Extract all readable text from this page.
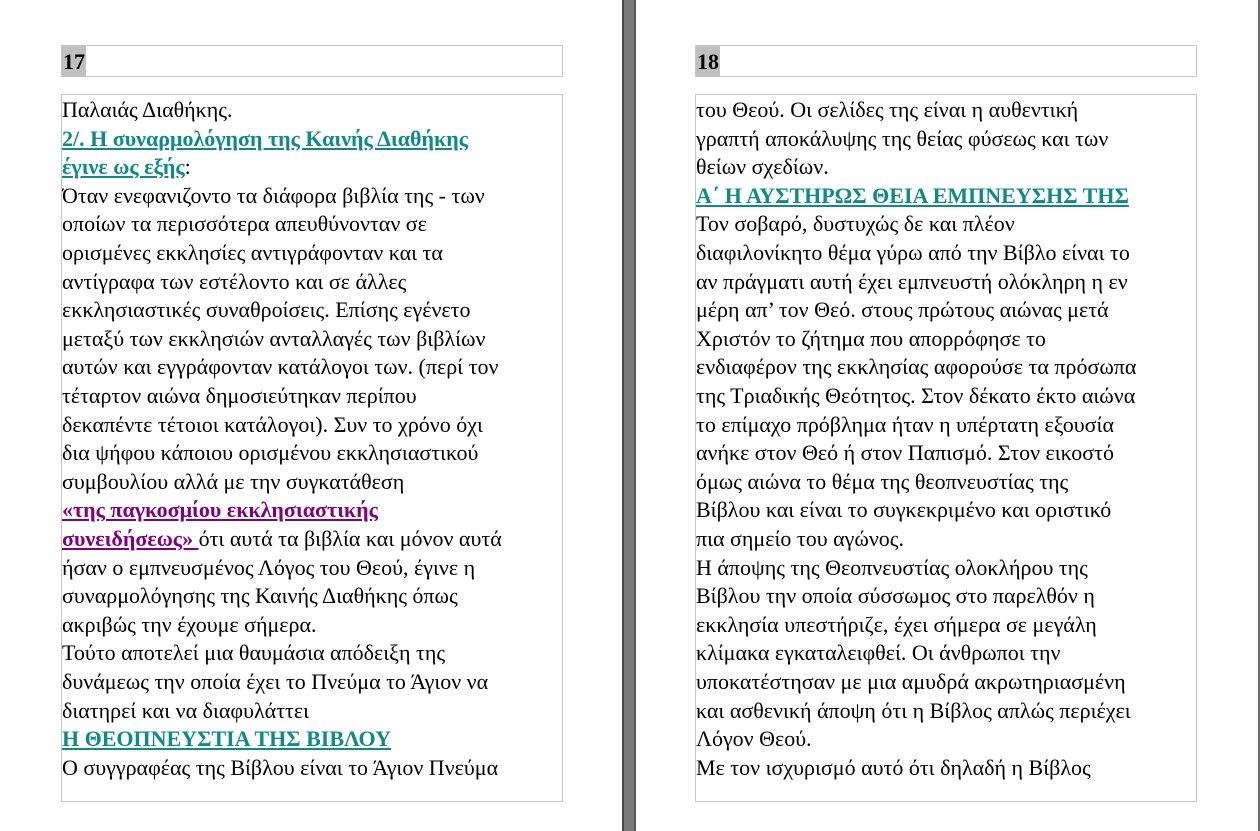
17
Παλαιάς Διαθήκης.
2/. Η συναρμολόγηση της Καινής Διαθήκης
έγινε ως εξής:
Όταν ενεφανιζοντο τα διάφορα βιβλία της - των
οποίων τα περισσότερα απευθύνονταν σε
ορισμένες εκκλησίες αντιγράφονταν και τα
αντίγραφα των εστέλοντο και σε άλλες
εκκλησιαστικές συναθροίσεις. Επίσης εγένετο
μεταξύ των εκκλησιών ανταλλαγές των βιβλίων
αυτών και εγγράφονταν κατάλογοι των. (περί τον
τέταρτον αιώνα δημοσιεύτηκαν περίπου
δεκαπέντε τέτοιοι κατάλογοι). Συν το χρόνο όχι
δια ψήφου κάποιου ορισμένου εκκλησιαστικού
συμβουλίου αλλά με την συγκατάθεση
«της παγκοσμίου εκκλησιαστικής
συνειδήσεως» ότι αυτά τα βιβλία και μόνον αυτά
ήσαν ο εμπνευσμένος Λόγος του Θεού, έγινε η
συναρμολόγησης της Καινής Διαθήκης όπως
ακριβώς την έχουμε σήμερα.
Τούτο αποτελεί μια θαυμάσια απόδειξη της
δυνάμεως την οποία έχει το Πνεύμα το Άγιον να
διατηρεί και να διαφυλάττει
Η ΘΕΟΠΝΕΥΣΤΙΑ ΤΗΣ ΒΙΒΛΟΥ
Ο συγγραφέας της Βίβλου είναι το Άγιον Πνεύμα
18
του Θεού. Οι σελίδες της είναι η αυθεντική
γραπτή αποκάλυψης της θείας φύσεως και των
θείων σχεδίων.
Α΄ Η ΑΥΣΤΗΡΩΣ ΘΕΙΑ ΕΜΠΝΕΥΣΗΣ ΤΗΣ
Τον σοβαρό, δυστυχώς δε και πλέον
διαφιλονίκητο θέμα γύρω από την Βίβλο είναι το
αν πράγματι αυτή έχει εμπνευστή ολόκληρη η εν
μέρη απ’ τον Θεό. στους πρώτους αιώνας μετά
Χριστόν το ζήτημα που απορρόφησε το
ενδιαφέρον της εκκλησίας αφορούσε τα πρόσωπα
της Τριαδικής Θεότητος. Στον δέκατο έκτο αιώνα
το επίμαχο πρόβλημα ήταν η υπέρτατη εξουσία
ανήκε στον Θεό ή στον Παπισμό. Στον εικοστό
όμως αιώνα το θέμα της θεοπνευστίας της
Βίβλου και είναι το συγκεκριμένο και οριστικό
πια σημείο του αγώνος.
Η άποψης της Θεοπνευστίας ολοκλήρου της
Βίβλου την οποία σύσσωμος στο παρελθόν η
εκκλησία υπεστήριζε, έχει σήμερα σε μεγάλη
κλίμακα εγκαταλειφθεί. Οι άνθρωποι την
υποκατέστησαν με μια αμυδρά ακρωτηριασμένη
και ασθενική άποψη ότι η Βίβλος απλώς περιέχει
Λόγον Θεού.
Με τον ισχυρισμό αυτό ότι δηλαδή η Βίβλος
